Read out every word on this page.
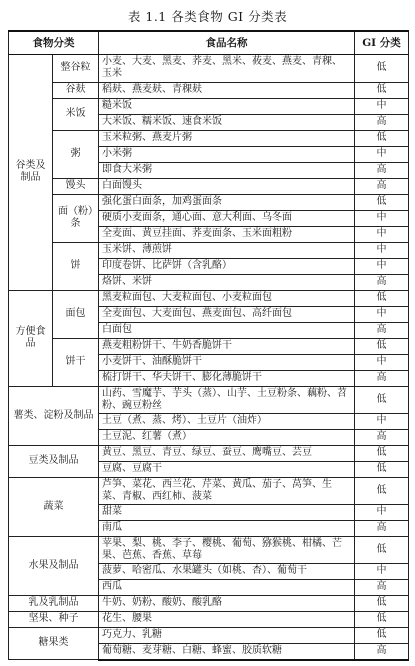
表 1.1 各类食物 GI 分类表
食物分类		食品名称	GI 分类
谷类及制品	整谷粒	小麦、大麦、黑麦、荞麦、黑米、莜麦、燕麦、青稞、玉米	低
	谷麸	稻麸、燕麦麸、青稞麸	低
	米饭	糙米饭	中
		大米饭、糯米饭、速食米饭	高
	粥	玉米粒粥、燕麦片粥	低
		小米粥	中
		即食大米粥	高
	馒头	白面馒头	高
	面（粉）条	强化蛋白面条，加鸡蛋面条	低
		硬质小麦面条，通心面、意大利面、乌冬面	中
		全麦面、黄豆挂面、荞麦面条、玉米面粗粉	中
	饼	玉米饼、薄煎饼	中
		印度卷饼、比萨饼（含乳酪）	中
		烙饼、米饼	高
方便食品	面包	黑麦粒面包、大麦粒面包、小麦粒面包	低
		全麦面包、大麦面包、燕麦面包、高纤面包	中
		白面包	高
	饼干	燕麦粗粉饼干、牛奶香脆饼干	低
		小麦饼干、油酥脆饼干	中
		梳打饼干、华夫饼干、膨化薄脆饼干	高
薯类、淀粉及制品		山药、雪魔芋、芋头（蒸）、山芋、土豆粉条、藕粉、苕粉、豌豆粉丝	低
		土豆（煮、蒸、烤）、土豆片（油炸）	中
		土豆泥、红薯（煮）	高
豆类及制品		黄豆、黑豆、青豆、绿豆、蚕豆、鹰嘴豆、芸豆	低
		豆腐、豆腐干	低
蔬菜		芦笋、菜花、西兰花、芹菜、黄瓜、茄子、莴笋、生菜、青椒、西红柿、菠菜	低
		甜菜	中
		南瓜	高
水果及制品		苹果、梨、桃、李子、樱桃、葡萄、猕猴桃、柑橘、芒果、芭蕉、香蕉、草莓	低
		菠萝、哈密瓜、水果罐头（如桃、杏）、葡萄干	中
		西瓜	高
乳及乳制品		牛奶、奶粉、酸奶、酸乳酪	低
坚果、种子		花生、腰果	低
糖果类		巧克力、乳糖	低
		葡萄糖、麦芽糖、白糖、蜂蜜、胶质软糖	高
